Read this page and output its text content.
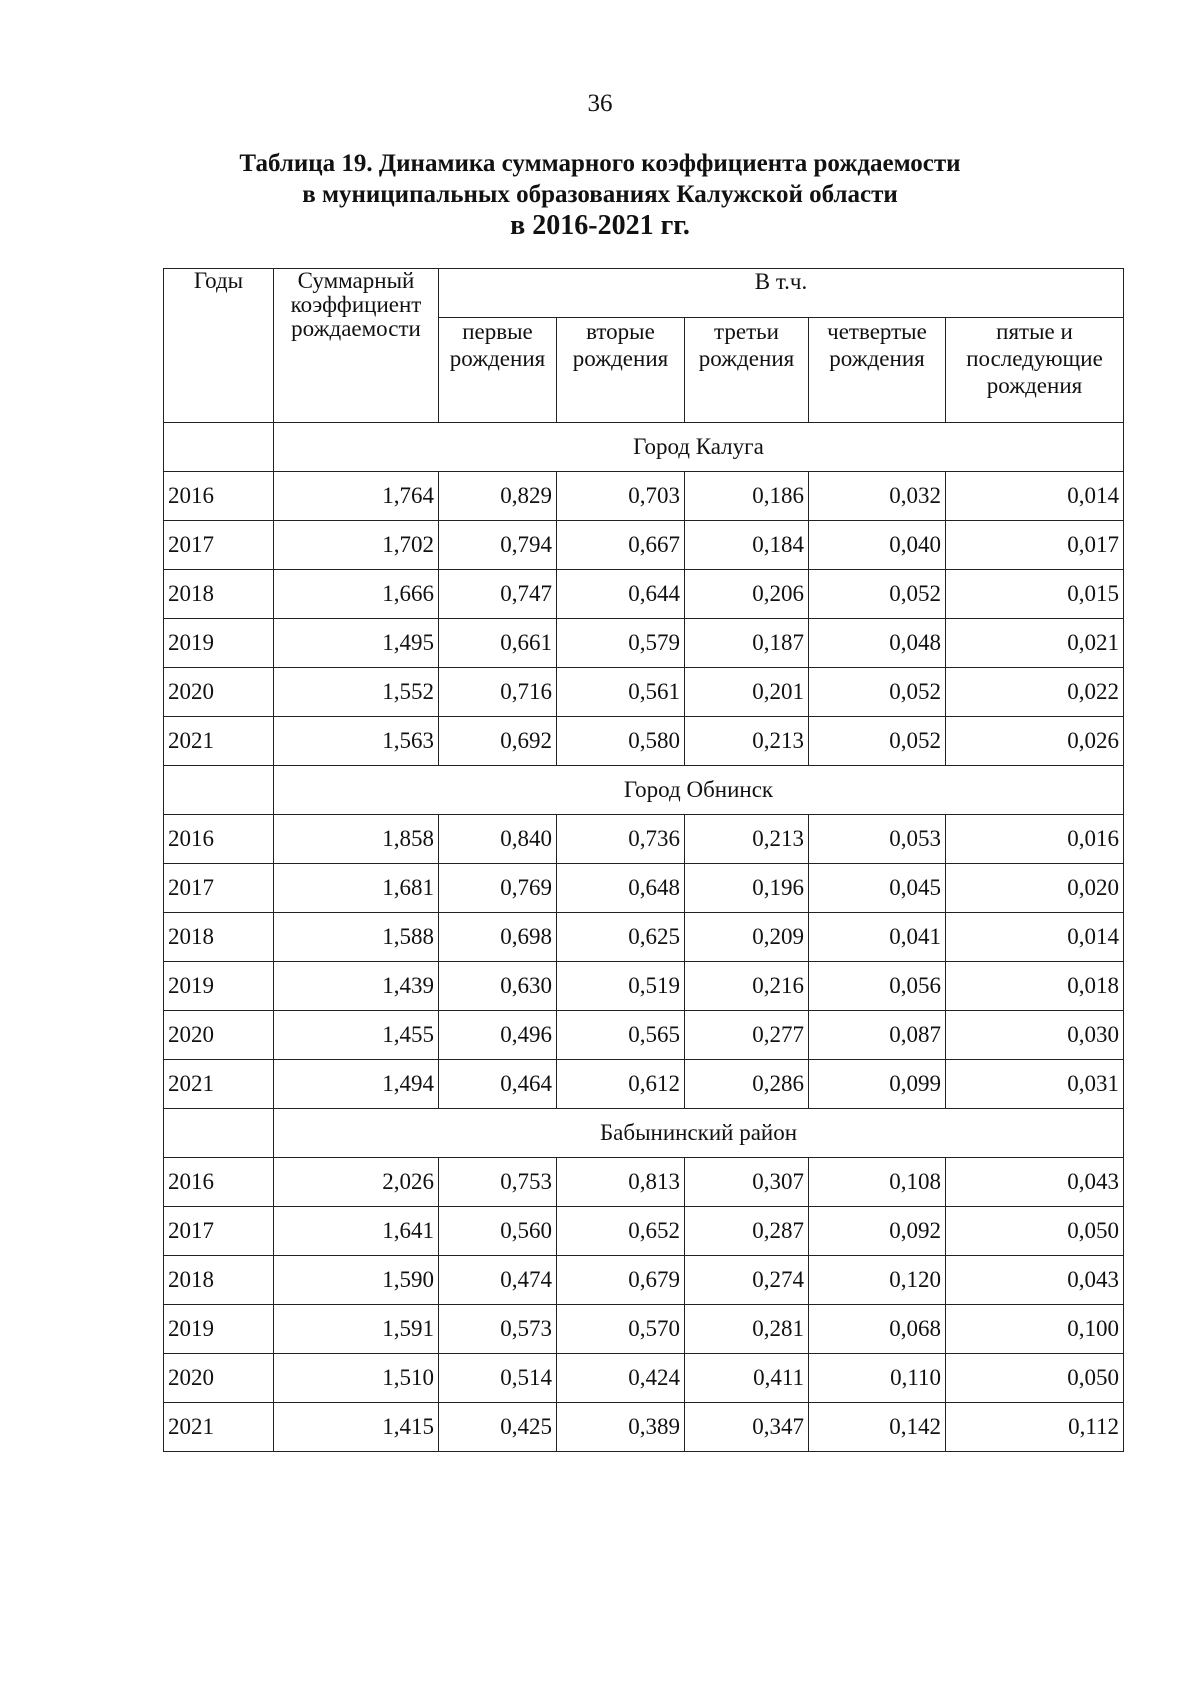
36
Таблица 19. Динамика суммарного коэффициента рождаемости
в муниципальных образованиях Калужской области
в 2016-2021 гг.
Годы	Суммарный коэффициент рождаемости	В т.ч.				
		первые рождения	вторые рождения	третьи рождения	четвертые рождения	пятые и последующие рождения
	Город Калуга					
2016	1,764	0,829	0,703	0,186	0,032	0,014
2017	1,702	0,794	0,667	0,184	0,040	0,017
2018	1,666	0,747	0,644	0,206	0,052	0,015
2019	1,495	0,661	0,579	0,187	0,048	0,021
2020	1,552	0,716	0,561	0,201	0,052	0,022
2021	1,563	0,692	0,580	0,213	0,052	0,026
	Город Обнинск					
2016	1,858	0,840	0,736	0,213	0,053	0,016
2017	1,681	0,769	0,648	0,196	0,045	0,020
2018	1,588	0,698	0,625	0,209	0,041	0,014
2019	1,439	0,630	0,519	0,216	0,056	0,018
2020	1,455	0,496	0,565	0,277	0,087	0,030
2021	1,494	0,464	0,612	0,286	0,099	0,031
	Бабынинский район					
2016	2,026	0,753	0,813	0,307	0,108	0,043
2017	1,641	0,560	0,652	0,287	0,092	0,050
2018	1,590	0,474	0,679	0,274	0,120	0,043
2019	1,591	0,573	0,570	0,281	0,068	0,100
2020	1,510	0,514	0,424	0,411	0,110	0,050
2021	1,415	0,425	0,389	0,347	0,142	0,112
